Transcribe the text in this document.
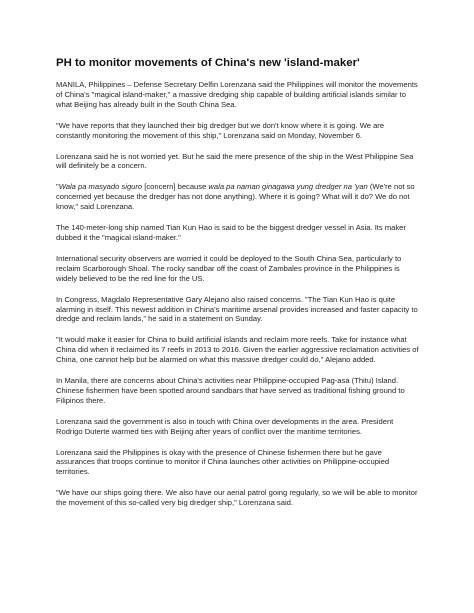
PH to monitor movements of China's new 'island-maker'

MANILA, Philippines – Defense Secretary Delfin Lorenzana said the Philippines will monitor the movements of China's "magical island-maker," a massive dredging ship capable of building artificial islands similar to what Beijing has already built in the South China Sea.

"We have reports that they launched their big dredger but we don't know where it is going. We are constantly monitoring the movement of this ship," Lorenzana said on Monday, November 6.

Lorenzana said he is not worried yet. But he said the mere presence of the ship in the West Philippine Sea will definitely be a concern.

"Wala pa masyado siguro [concern] because wala pa naman ginagawa yung dredger na 'yan (We're not so concerned yet because the dredger has not done anything). Where it is going? What will it do? We do not know," said Lorenzana.

The 140-meter-long ship named Tian Kun Hao is said to be the biggest dredger vessel in Asia. Its maker dubbed it the "magical island-maker."

International security observers are worried it could be deployed to the South China Sea, particularly to reclaim Scarborough Shoal. The rocky sandbar off the coast of Zambales province in the Philippines is widely believed to be the red line for the US.

In Congress, Magdalo Representative Gary Alejano also raised concerns. "The Tian Kun Hao is quite alarming in itself. This newest addition in China's maritime arsenal provides increased and faster capacity to dredge and reclaim lands," he said in a statement on Sunday.

"It would make it easier for China to build artificial islands and reclaim more reefs. Take for instance what China did when it reclaimed its 7 reefs in 2013 to 2016. Given the earlier aggressive reclamation activities of China, one cannot help but be alarmed on what this massive dredger could do," Alejano added.

In Manila, there are concerns about China's activities near Philippine-occupied Pag-asa (Thitu) Island. Chinese fishermen have been spotted around sandbars that have served as traditional fishing ground to Filipinos there.

Lorenzana said the government is also in touch with China over developments in the area. President Rodrigo Duterte warmed ties with Beijing after years of conflict over the maritime territories.

Lorenzana said the Philippines is okay with the presence of Chinese fishermen there but he gave assurances that troops continue to monitor if China launches other activities on Philippine-occupied territories.

"We have our ships going there. We also have our aerial patrol going regularly, so we will be able to monitor the movement of this so-called very big dredger ship," Lorenzana said.
